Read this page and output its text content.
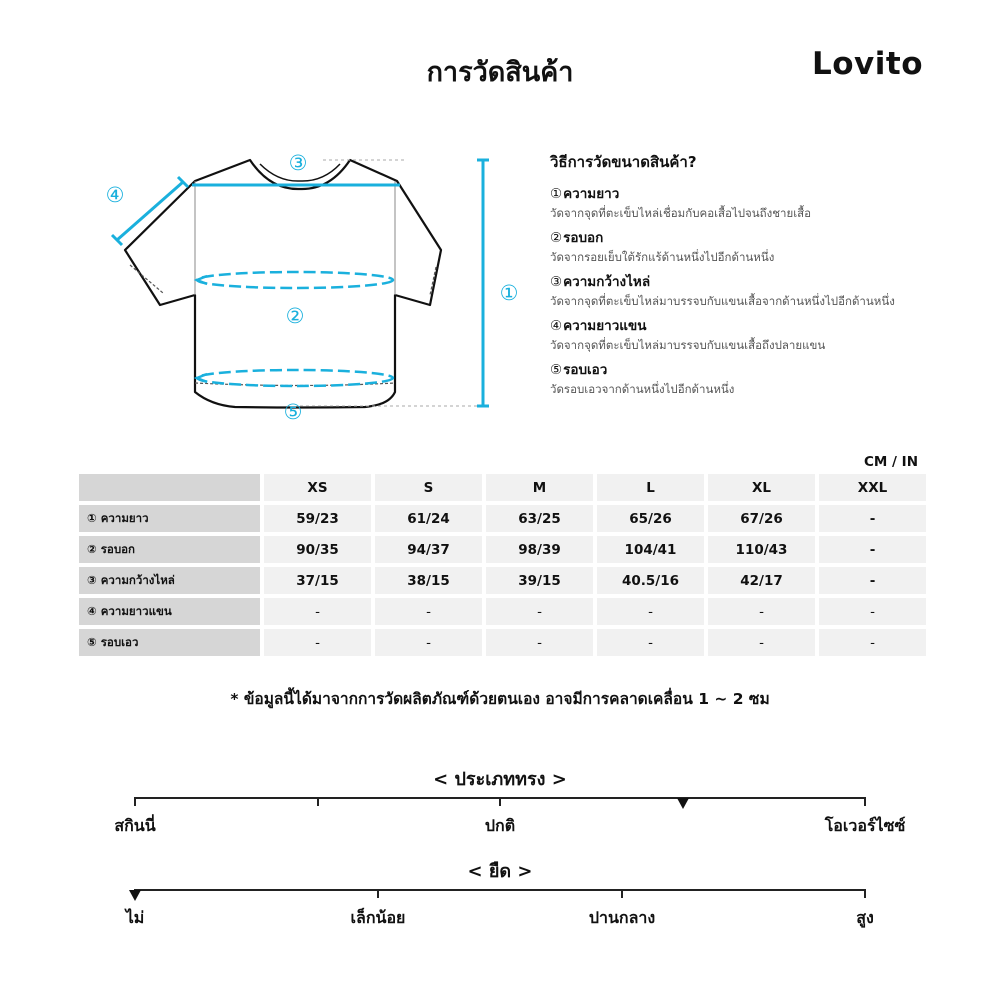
การวัดสินค้า	Lovito
③
④
②
①
⑤
วิธีการวัดขนาดสินค้า?
①ความยาว
วัดจากจุดที่ตะเข็บไหล่เชื่อมกับคอเสื้อไปจนถึงชายเสื้อ
②รอบอก
วัดจากรอยเย็บใต้รักแร้ด้านหนึ่งไปอีกด้านหนึ่ง
③ความกว้างไหล่
วัดจากจุดที่ตะเข็บไหล่มาบรรจบกับแขนเสื้อจากด้านหนึ่งไปอีกด้านหนึ่ง
④ความยาวแขน
วัดจากจุดที่ตะเข็บไหล่มาบรรจบกับแขนเสื้อถึงปลายแขน
⑤รอบเอว
วัดรอบเอวจากด้านหนึ่งไปอีกด้านหนึ่ง
CM / IN
	XS	S	M	L	XL	XXL
① ความยาว	59/23	61/24	63/25	65/26	67/26	-
② รอบอก	90/35	94/37	98/39	104/41	110/43	-
③ ความกว้างไหล่	37/15	38/15	39/15	40.5/16	42/17	-
④ ความยาวแขน	-	-	-	-	-	-
⑤ รอบเอว	-	-	-	-	-	-
* ข้อมูลนี้ได้มาจากการวัดผลิตภัณฑ์ด้วยตนเอง อาจมีการคลาดเคลื่อน 1 ~ 2 ซม
< ประเภททรง >
สกินนี่	ปกติ	โอเวอร์ไซซ์
< ยืด >
ไม่	เล็กน้อย	ปานกลาง	สูง
